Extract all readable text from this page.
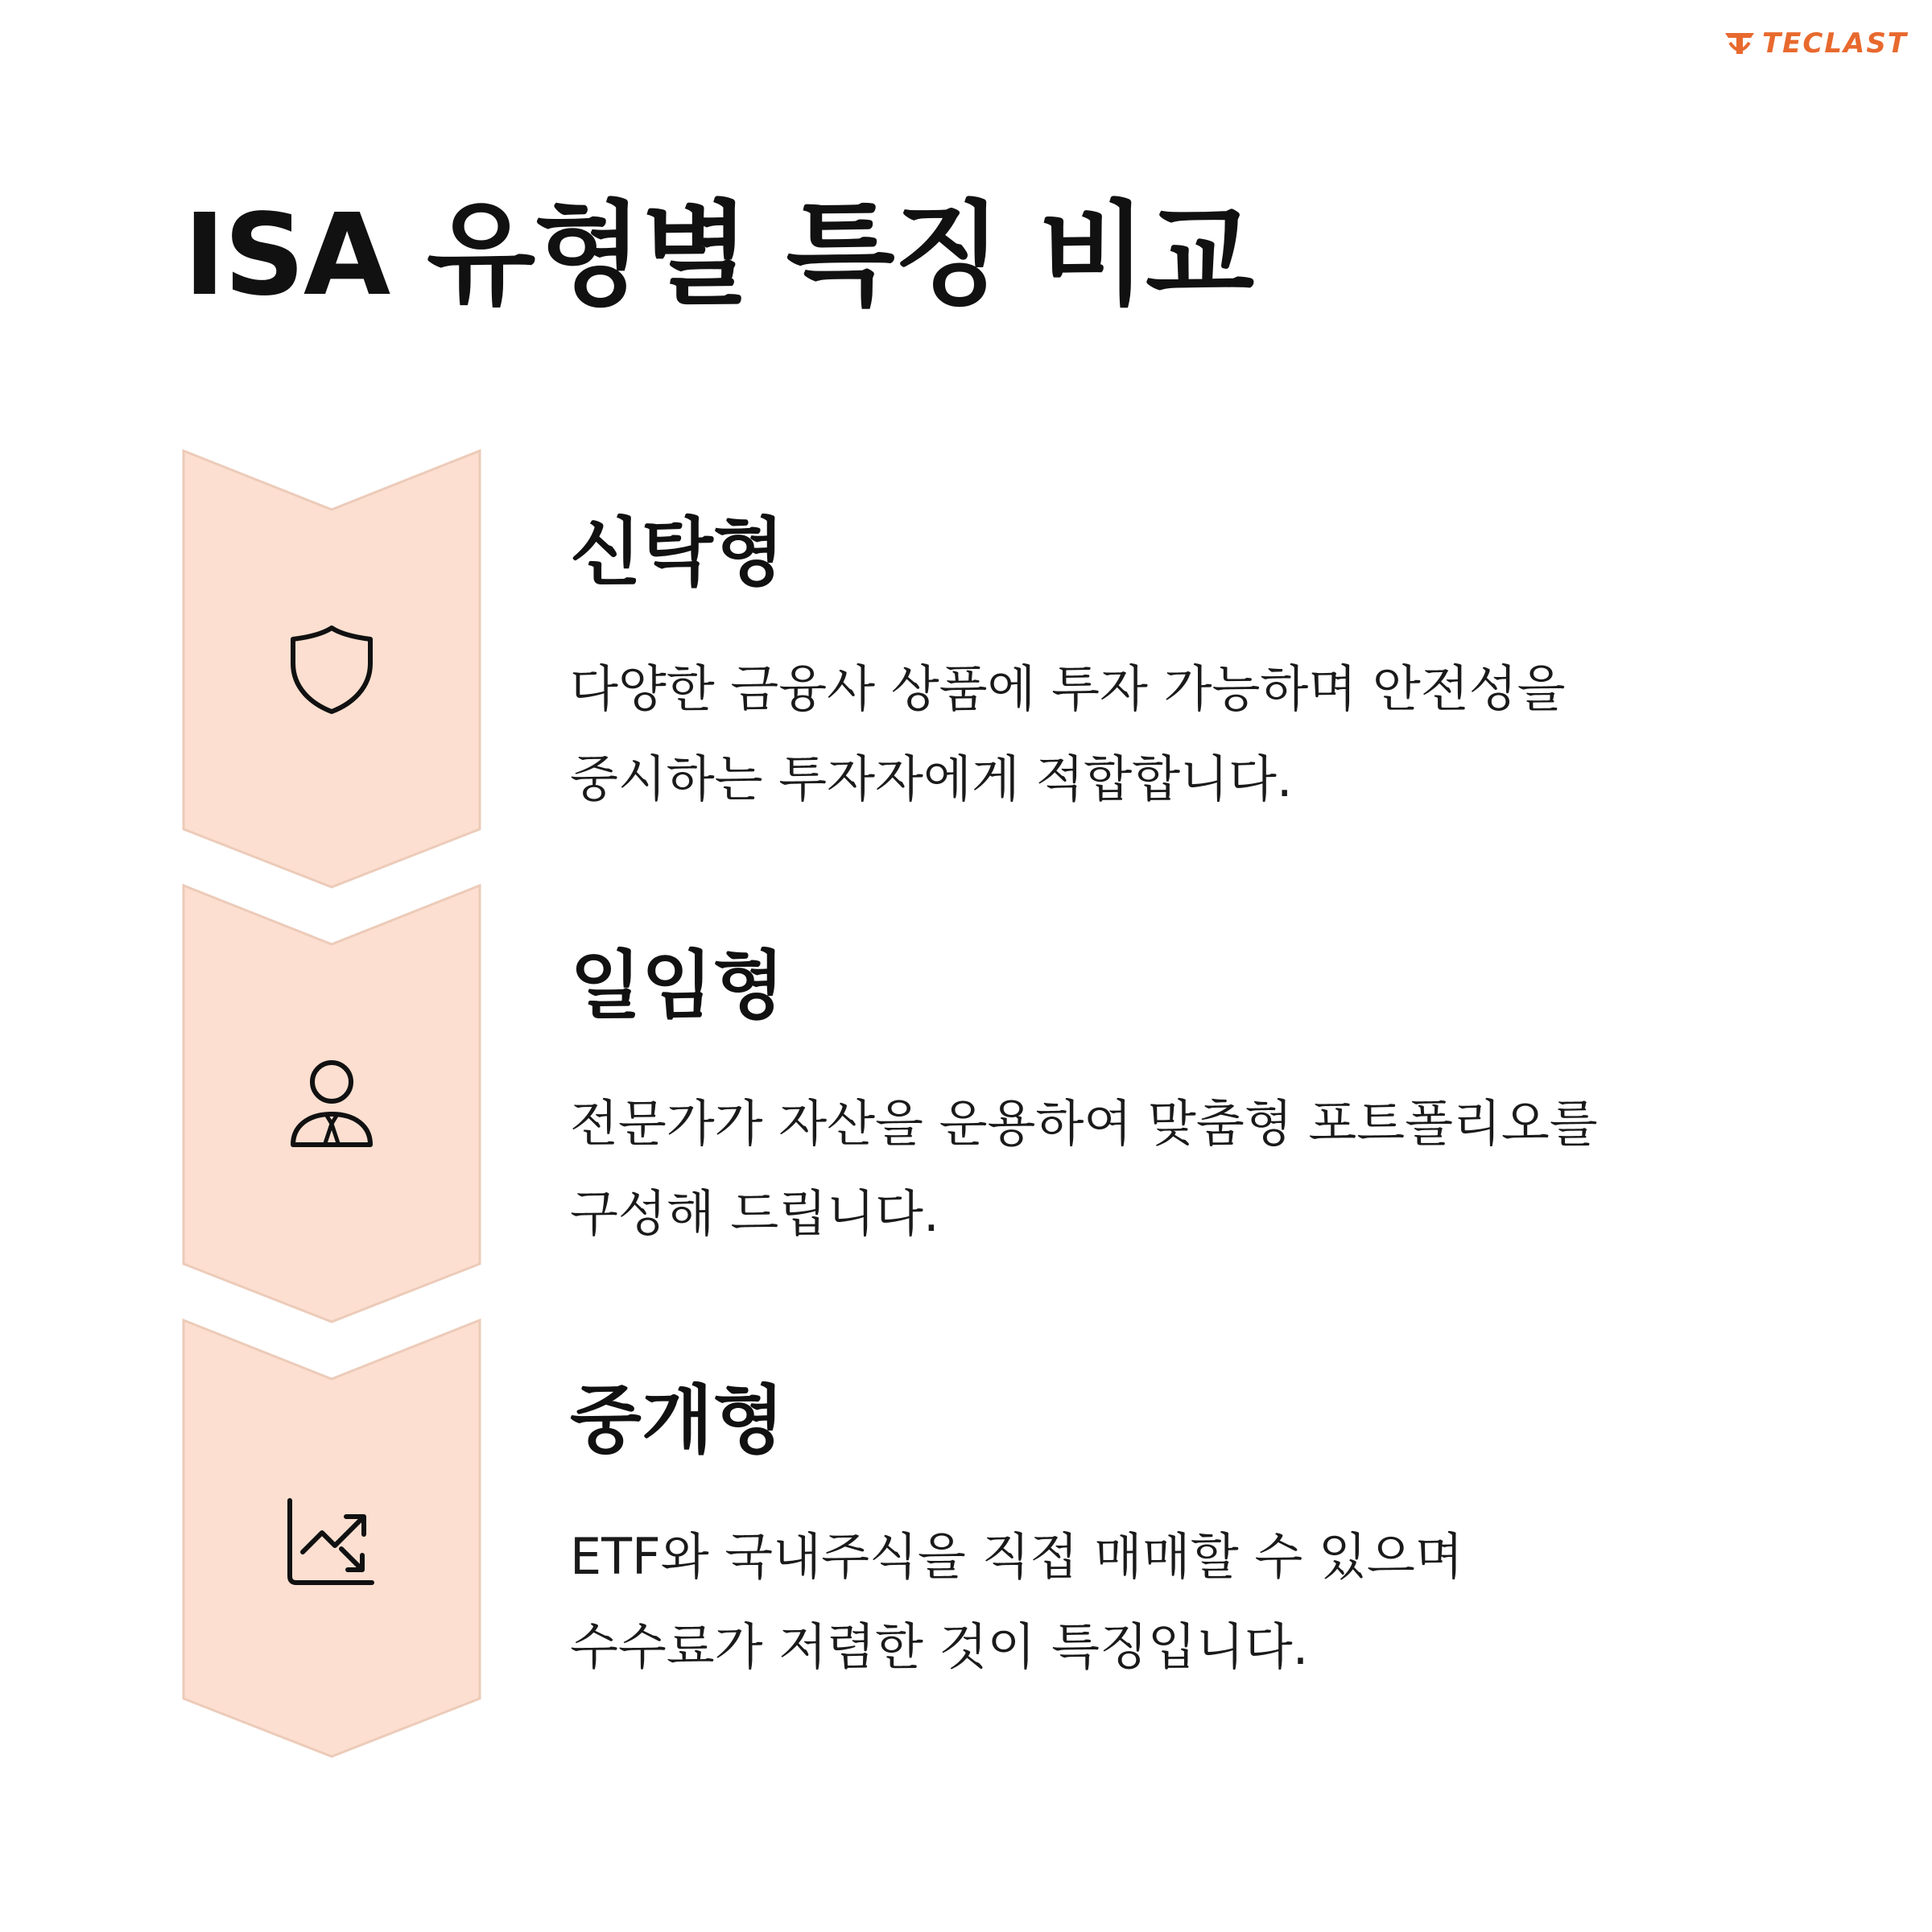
TECLAST
ISA 유형별 특징 비교
신탁형

다양한 금융사 상품에 투자 가능하며 안전성을
중시하는 투자자에게 적합합니다.

일임형

전문가가 자산을 운용하여 맞춤형 포트폴리오를
구성해 드립니다.

중개형

ETF와 국내주식을 직접 매매할 수 있으며
수수료가 저렴한 것이 특징입니다.
